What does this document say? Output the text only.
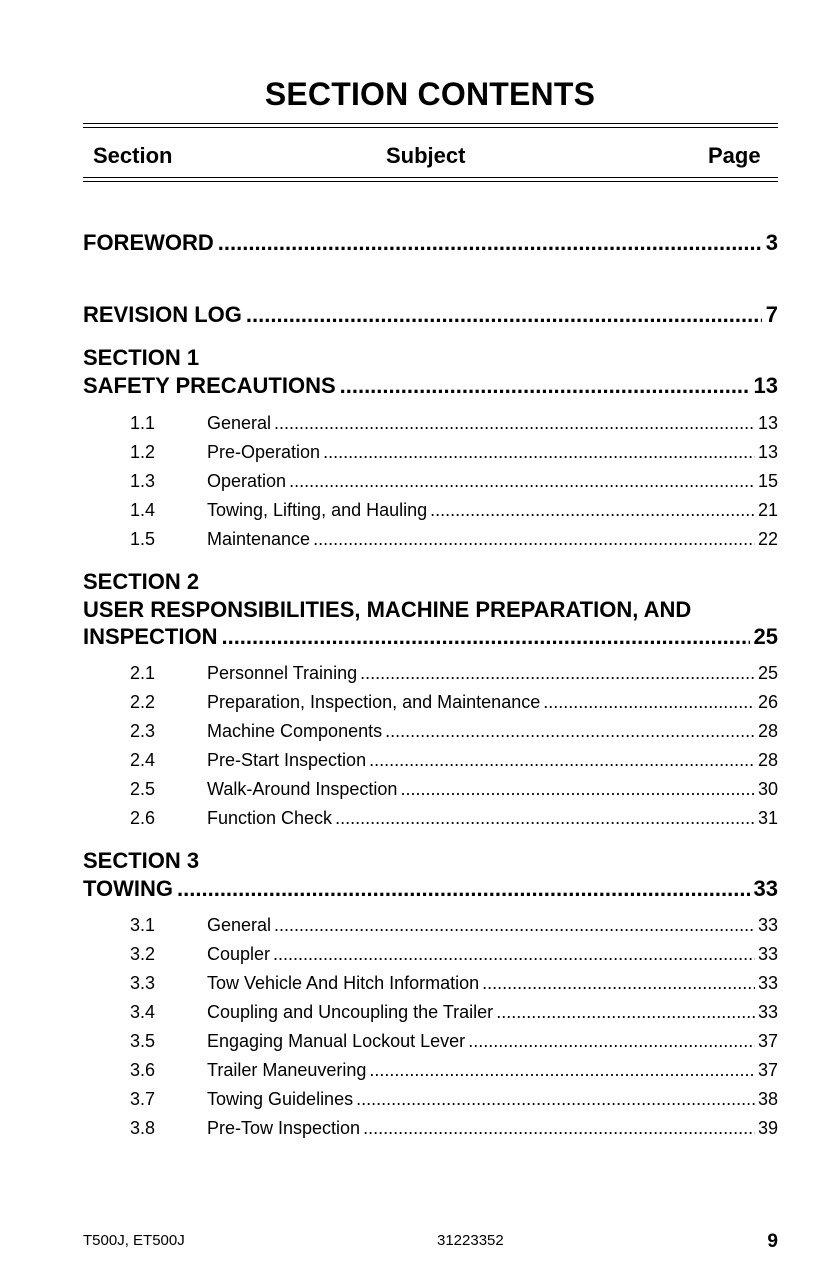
SECTION CONTENTS
Section	Subject	Page
FOREWORD .....	3
REVISION LOG .....	7
SECTION 1
SAFETY PRECAUTIONS .....	13
1.1	General .....	13
1.2	Pre-Operation .....	13
1.3	Operation .....	15
1.4	Towing, Lifting, and Hauling .....	21
1.5	Maintenance .....	22
SECTION 2
USER RESPONSIBILITIES, MACHINE PREPARATION, AND
INSPECTION .....	25
2.1	Personnel Training .....	25
2.2	Preparation, Inspection, and Maintenance .....	26
2.3	Machine Components .....	28
2.4	Pre-Start Inspection .....	28
2.5	Walk-Around Inspection .....	30
2.6	Function Check .....	31
SECTION 3
TOWING .....	33
3.1	General .....	33
3.2	Coupler .....	33
3.3	Tow Vehicle And Hitch Information .....	33
3.4	Coupling and Uncoupling the Trailer .....	33
3.5	Engaging Manual Lockout Lever .....	37
3.6	Trailer Maneuvering .....	37
3.7	Towing Guidelines .....	38
3.8	Pre-Tow Inspection .....	39
T500J, ET500J	31223352	9
